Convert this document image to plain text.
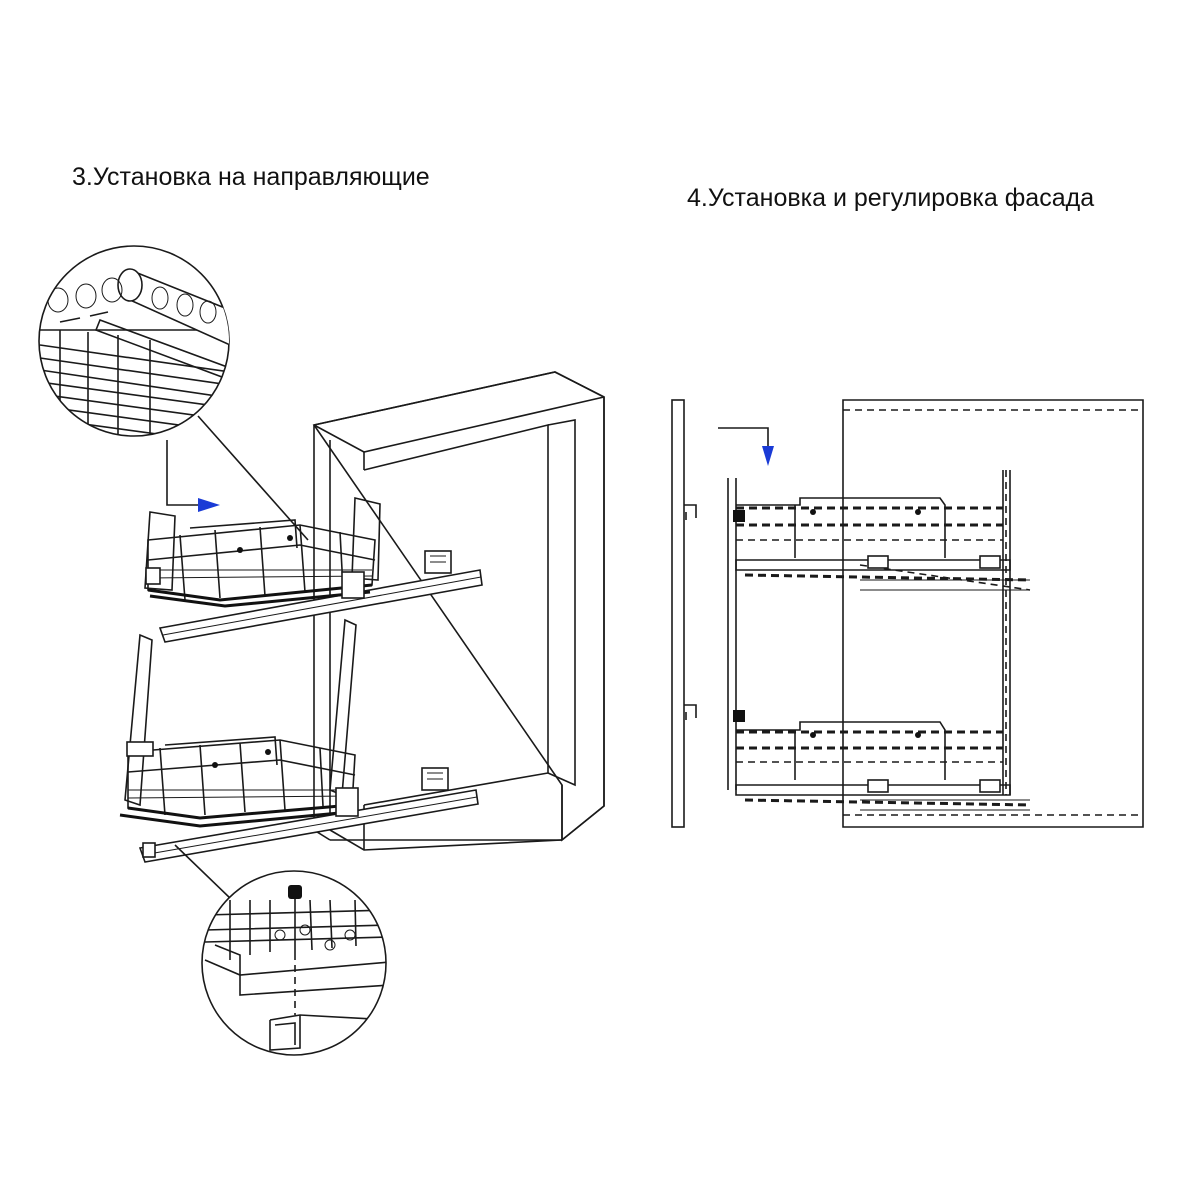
3.Установка на направляющие
4.Установка и регулировка фасада
